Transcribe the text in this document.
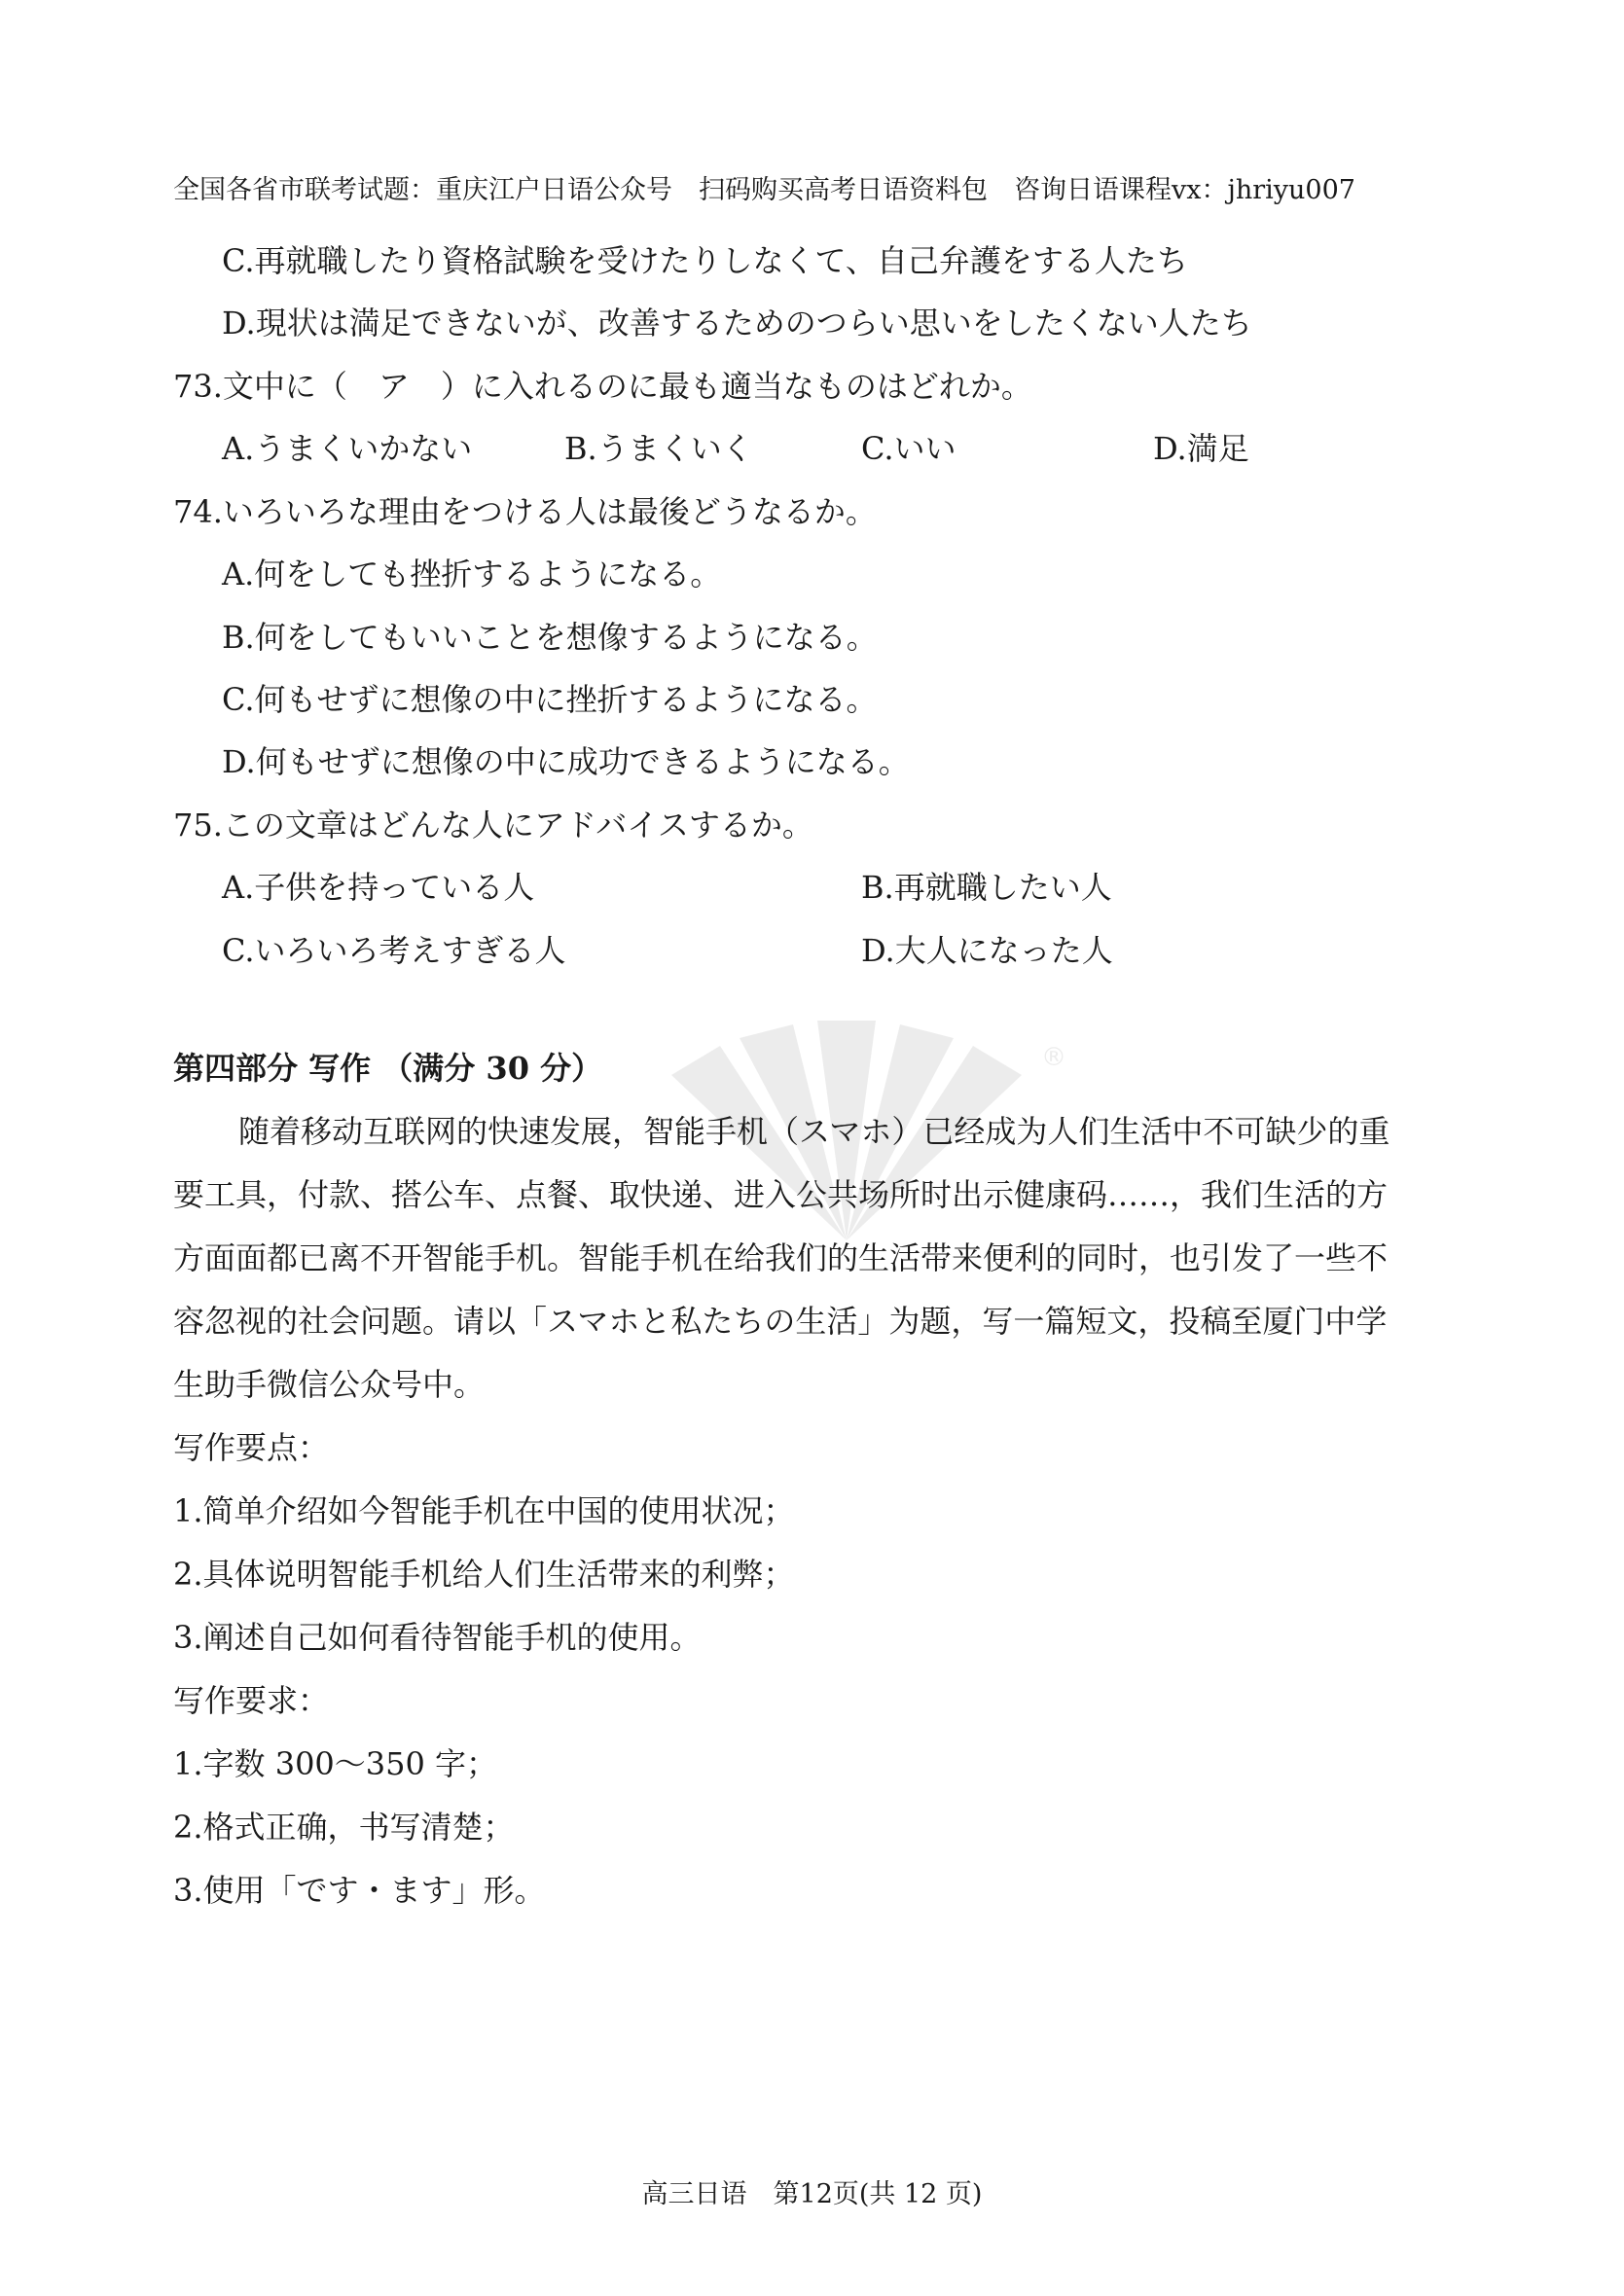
全国各省市联考试题：重庆江户日语公众号　扫码购买高考日语资料包　咨询日语课程vx：jhriyu007
C.再就職したり資格試験を受けたりしなくて、自己弁護をする人たち
D.現状は満足できないが、改善するためのつらい思いをしたくない人たち
73.文中に（　ア　）に入れるのに最も適当なものはどれか。
A.うまくいかない	B.うまくいく	C.いい	D.満足
74.いろいろな理由をつける人は最後どうなるか。
A.何をしても挫折するようになる。
B.何をしてもいいことを想像するようになる。
C.何もせずに想像の中に挫折するようになる。
D.何もせずに想像の中に成功できるようになる。
75.この文章はどんな人にアドバイスするか。
A.子供を持っている人	B.再就職したい人
C.いろいろ考えすぎる人	D.大人になった人
®
第四部分 写作 （满分 30 分）
随着移动互联网的快速发展，智能手机（スマホ）已经成为人们生活中不可缺少的重
要工具，付款、搭公车、点餐、取快递、进入公共场所时出示健康码……，我们生活的方
方面面都已离不开智能手机。智能手机在给我们的生活带来便利的同时，也引发了一些不
容忽视的社会问题。请以「スマホと私たちの生活」为题，写一篇短文，投稿至厦门中学
生助手微信公众号中。
写作要点：
1.简单介绍如今智能手机在中国的使用状况；
2.具体说明智能手机给人们生活带来的利弊；
3.阐述自己如何看待智能手机的使用。
写作要求：
1.字数 300～350 字；
2.格式正确，书写清楚；
3.使用「です・ます」形。
高三日语　第12页(共 12 页)
